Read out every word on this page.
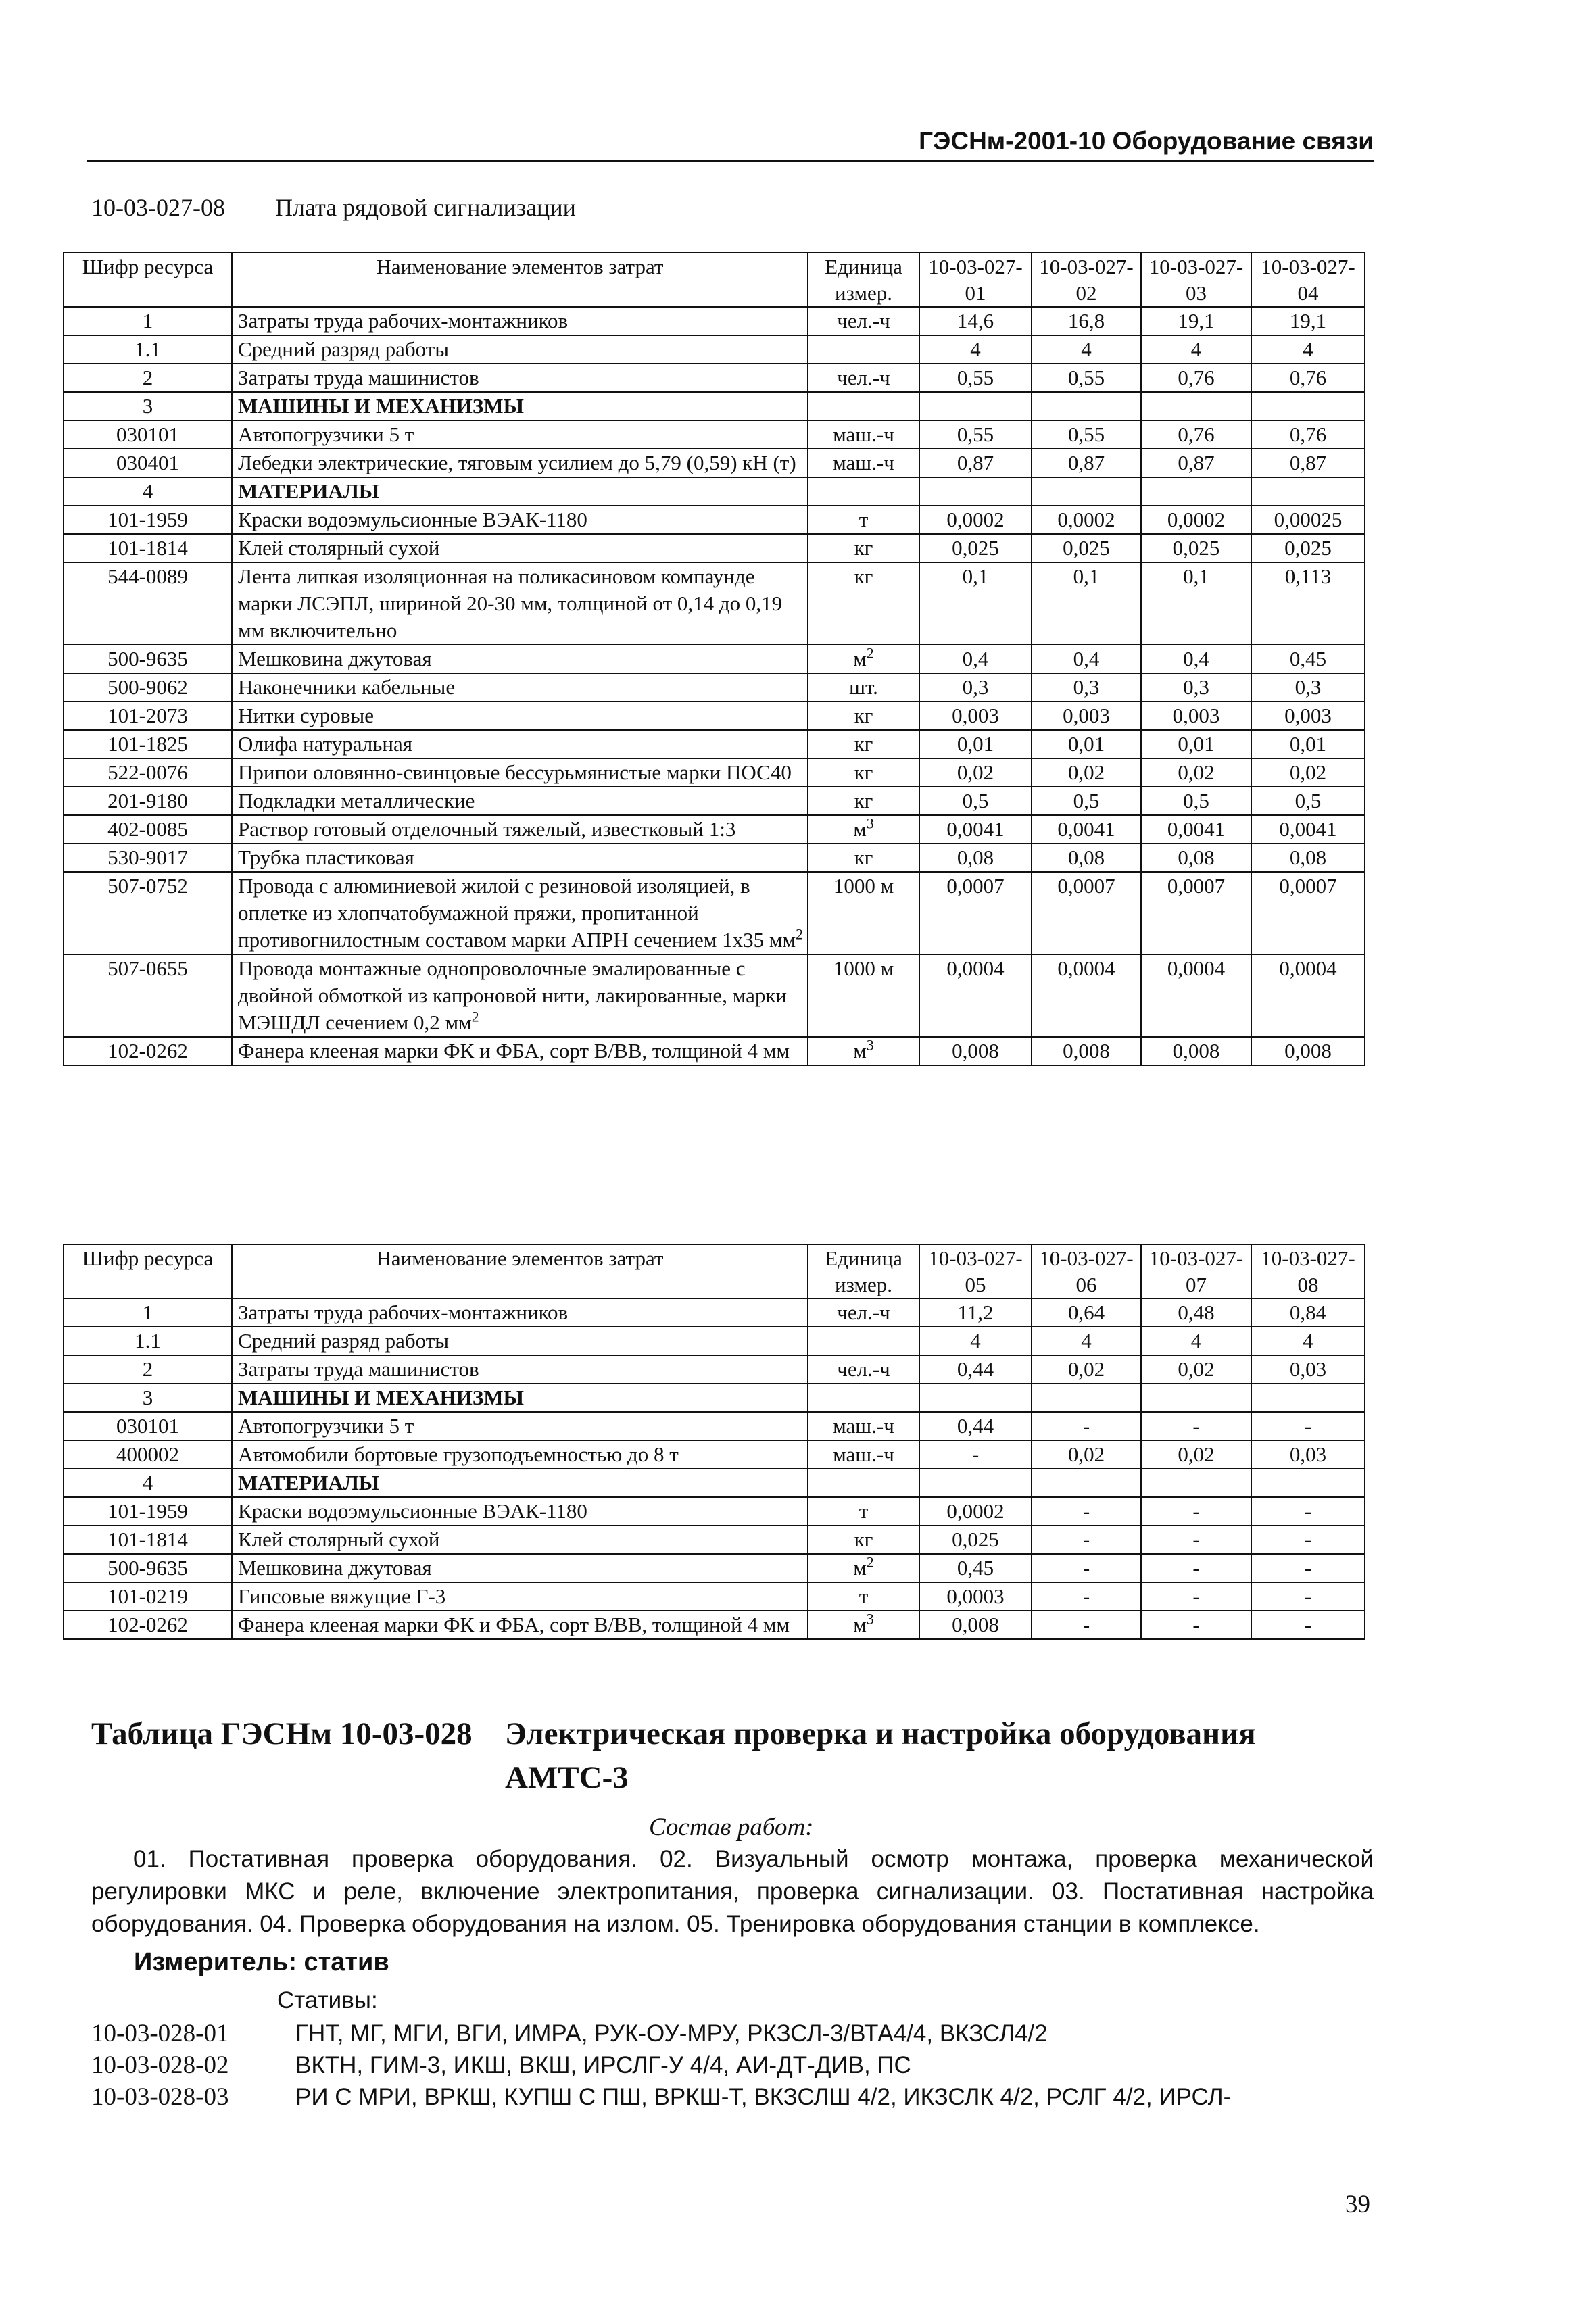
ГЭСНм-2001-10 Оборудование связи
10-03-027-08 Плата рядовой сигнализации
Шифр ресурса	Наименование элементов затрат	Единица измер.	10-03-027-01	10-03-027-02	10-03-027-03	10-03-027-04
1	Затраты труда рабочих-монтажников	чел.-ч	14,6	16,8	19,1	19,1
1.1	Средний разряд работы		4	4	4	4
2	Затраты труда машинистов	чел.-ч	0,55	0,55	0,76	0,76
3	МАШИНЫ И МЕХАНИЗМЫ					
030101	Автопогрузчики 5 т	маш.-ч	0,55	0,55	0,76	0,76
030401	Лебедки электрические, тяговым усилием до 5,79 (0,59) кН (т)	маш.-ч	0,87	0,87	0,87	0,87
4	МАТЕРИАЛЫ					
101-1959	Краски водоэмульсионные ВЭАК-1180	т	0,0002	0,0002	0,0002	0,00025
101-1814	Клей столярный сухой	кг	0,025	0,025	0,025	0,025
544-0089	Лента липкая изоляционная на поликасиновом компаунде марки ЛСЭПЛ, шириной 20-30 мм, толщиной от 0,14 до 0,19 мм включительно	кг	0,1	0,1	0,1	0,113
500-9635	Мешковина джутовая	$м^2$	0,4	0,4	0,4	0,45
500-9062	Наконечники кабельные	шт.	0,3	0,3	0,3	0,3
101-2073	Нитки суровые	кг	0,003	0,003	0,003	0,003
101-1825	Олифа натуральная	кг	0,01	0,01	0,01	0,01
522-0076	Припои оловянно-свинцовые бессурьмянистые марки ПОС40	кг	0,02	0,02	0,02	0,02
201-9180	Подкладки металлические	кг	0,5	0,5	0,5	0,5
402-0085	Раствор готовый отделочный тяжелый, известковый 1:3	$м^3$	0,0041	0,0041	0,0041	0,0041
530-9017	Трубка пластиковая	кг	0,08	0,08	0,08	0,08
507-0752	Провода с алюминиевой жилой с резиновой изоляцией, в оплетке из хлопчатобумажной пряжи, пропитанной противогнилостным составом марки АПРН сечением 1х35 $мм^2$	1000 м	0,0007	0,0007	0,0007	0,0007
507-0655	Провода монтажные однопроволочные эмалированные с двойной обмоткой из капроновой нити, лакированные, марки МЭШДЛ сечением 0,2 $мм^2$	1000 м	0,0004	0,0004	0,0004	0,0004
102-0262	Фанера клееная марки ФК и ФБА, сорт В/ВВ, толщиной 4 мм	$м^3$	0,008	0,008	0,008	0,008
Шифр ресурса	Наименование элементов затрат	Единица измер.	10-03-027-05	10-03-027-06	10-03-027-07	10-03-027-08
1	Затраты труда рабочих-монтажников	чел.-ч	11,2	0,64	0,48	0,84
1.1	Средний разряд работы		4	4	4	4
2	Затраты труда машинистов	чел.-ч	0,44	0,02	0,02	0,03
3	МАШИНЫ И МЕХАНИЗМЫ					
030101	Автопогрузчики 5 т	маш.-ч	0,44	-	-	-
400002	Автомобили бортовые грузоподъемностью до 8 т	маш.-ч	-	0,02	0,02	0,03
4	МАТЕРИАЛЫ					
101-1959	Краски водоэмульсионные ВЭАК-1180	т	0,0002	-	-	-
101-1814	Клей столярный сухой	кг	0,025	-	-	-
500-9635	Мешковина джутовая	$м^2$	0,45	-	-	-
101-0219	Гипсовые вяжущие Г-3	т	0,0003	-	-	-
102-0262	Фанера клееная марки ФК и ФБА, сорт В/ВВ, толщиной 4 мм	$м^3$	0,008	-	-	-
Таблица ГЭСНм 10-03-028 Электрическая проверка и настройка оборудования
АМТС-3
Состав работ:
01. Постативная проверка оборудования. 02. Визуальный осмотр монтажа, проверка механической регулировки МКС и реле, включение электропитания, проверка сигнализации. 03. Постативная настройка оборудования. 04. Проверка оборудования на излом. 05. Тренировка оборудования станции в комплексе.
Измеритель: статив
Стативы:
10-03-028-01	ГНТ, МГ, МГИ, ВГИ, ИМРА, РУК-ОУ-МРУ, РКЗСЛ-3/ВТА4/4, ВКЗСЛ4/2
10-03-028-02	ВКТН, ГИМ-3, ИКШ, ВКШ, ИРСЛГ-У 4/4, АИ-ДТ-ДИВ, ПС
10-03-028-03	РИ С МРИ, ВРКШ, КУПШ С ПШ, ВРКШ-Т, ВКЗСЛШ 4/2, ИКЗСЛК 4/2, РСЛГ 4/2, ИРСЛ-
39
